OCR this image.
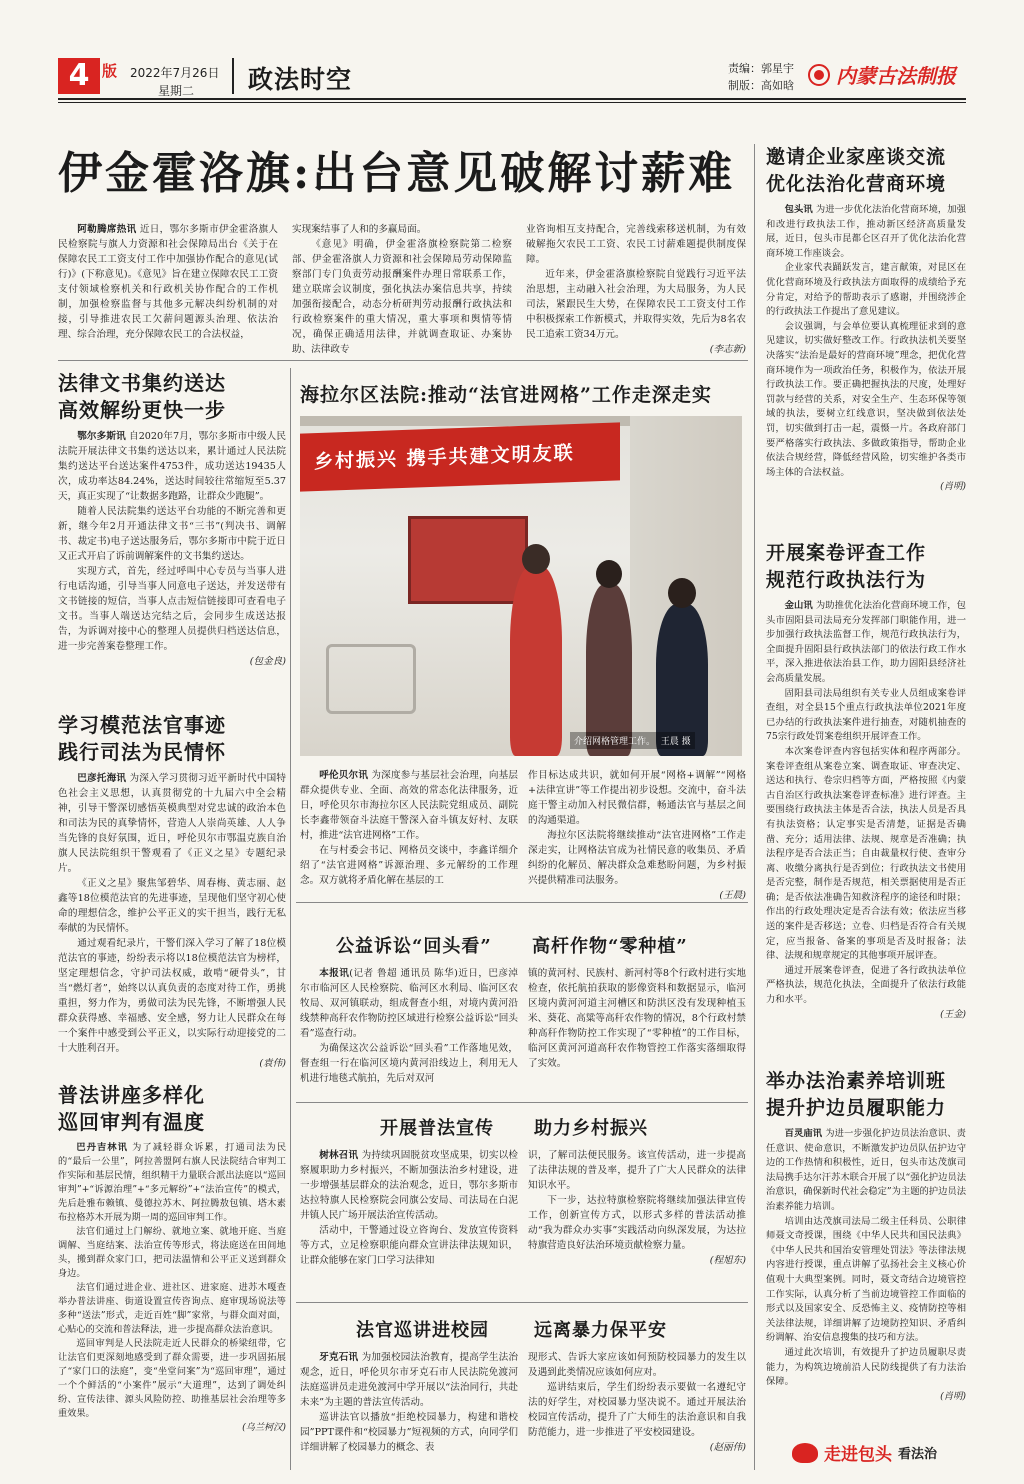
4 版	2022年7月26日
星期二 政法时空	责编：郭星宇
制版：高如晗 内蒙古法制报
伊金霍洛旗:出台意见破解讨薪难

阿勒腾席热讯 近日，鄂尔多斯市伊金霍洛旗人民检察院与旗人力资源和社会保障局出台《关于在保障农民工工资支付工作中加强协作配合的意见(试行)》(下称意见)。《意见》旨在建立保障农民工工资支付领域检察机关和行政机关协作配合的工作机制，加强检察监督与其他多元解决纠纷机制的对接，引导推进农民工欠薪问题源头治理、依法治理、综合治理，充分保障农民工的合法权益，

实现案结事了人和的多赢局面。

《意见》明确，伊金霍洛旗检察院第二检察部、伊金霍洛旗人力资源和社会保障局劳动保障监察部门专门负责劳动报酬案件办理日常联系工作，建立联席会议制度，强化执法办案信息共享，持续加强衔接配合，动态分析研判劳动报酬行政执法和行政检察案件的重大情况，重大事项和舆情等情况，确保正确适用法律，并就调查取证、办案协助、法律政专

业咨询相互支持配合，完善线索移送机制，为有效破解拖欠农民工工资、农民工讨薪难题提供制度保障。

近年来，伊金霍洛旗检察院自觉践行习近平法治思想，主动融入社会治理，为大局服务，为人民司法，紧跟民生大势，在保障农民工工资支付工作中积极探索工作新模式，并取得实效，先后为8名农民工追索工资34万元。

(李志新)
法律文书集约送达
高效解纷更快一步

鄂尔多斯讯 自2020年7月，鄂尔多斯市中级人民法院开展法律文书集约送达以来，累计通过人民法院集约送达平台送达案件4753件，成功送达19435人次，成功率达84.24%，送达时间较往常缩短至5.37天，真正实现了“让数据多跑路，让群众少跑腿”。

随着人民法院集约送达平台功能的不断完善和更新，继今年2月开通法律文书“三书”(判决书、调解书、裁定书)电子送达服务后，鄂尔多斯市中院于近日又正式开启了诉前调解案件的文书集约送达。

实现方式，首先，经过呼叫中心专员与当事人进行电话沟通，引导当事人同意电子送达，并发送带有文书链接的短信，当事人点击短信链接即可查看电子文书。当事人端送达完结之后，会同步生成送达报告，为诉调对接中心的整理人员提供归档送达信息，进一步完善案卷整理工作。

(包金良)
学习模范法官事迹
践行司法为民情怀

巴彦托海讯 为深入学习贯彻习近平新时代中国特色社会主义思想，认真贯彻党的十九届六中全会精神，引导干警深切感悟英模典型对党忠诚的政治本色和司法为民的真挚情怀，营造人人崇尚英雄、人人争当先锋的良好氛围，近日，呼伦贝尔市鄂温克族自治旗人民法院组织干警观看了《正义之星》专题纪录片。

《正义之星》聚焦邹碧华、周春梅、黄志丽、赵鑫等18位模范法官的先进事迹，呈现他们坚守初心使命的理想信念，维护公平正义的实干担当，践行无私奉献的为民情怀。

通过观看纪录片，干警们深入学习了解了18位模范法官的事迹，纷纷表示将以18位模范法官为榜样，坚定理想信念，守护司法权威，敢啃“硬骨头”，甘当“燃灯者”，始终以认真负责的态度对待工作，勇挑重担，努力作为，勇做司法为民先锋，不断增强人民群众获得感、幸福感、安全感，努力让人民群众在每一个案件中感受到公平正义，以实际行动迎接党的二十大胜利召开。

(袁伟)
普法讲座多样化
巡回审判有温度

巴丹吉林讯 为了减轻群众诉累，打通司法为民的“最后一公里”，阿拉善盟阿右旗人民法院结合审判工作实际和基层民情，组织精干力量联合派出法庭以“巡回审判”+“诉源治理”+“多元解纷”+“法治宣传”的模式，先后赴雅布赖镇、曼德拉苏木、阿拉腾敖包镇、塔木素布拉格苏木开展为期一周的巡回审判工作。

法官们通过上门解纷、就地立案、就地开庭、当庭调解、当庭结案、法治宣传等形式，将法庭送在田间地头，搬到群众家门口，把司法温情和公平正义送到群众身边。

法官们通过进企业、进社区、进家庭、进苏木嘎查举办普法讲座、街道设置宣传咨询点、庭审现场说法等多种“送法”形式，走近百姓“脚”家常，与群众面对面，心贴心的交流和普法释法，进一步提高群众法治意识。

巡回审判是人民法院走近人民群众的桥梁纽带，它让法官们更深刻地感受到了群众需要，进一步巩固拓展了“家门口的法庭”，变“坐堂问案”为“巡回审理”，通过一个个鲜活的“小案件”展示“大道理”，达到了调处纠纷、宣传法律、源头风险防控、助推基层社会治理等多重效果。

(乌兰柯汉)
海拉尔区法院:推动“法官进网格”工作走深走实
乡村振兴 携手共建文明友联
介绍网格管理工作。 王晨 摄

呼伦贝尔讯 为深度参与基层社会治理，向基层群众提供专业、全面、高效的常态化法律服务，近日，呼伦贝尔市海拉尔区人民法院党组成员、副院长李鑫带领奋斗法庭干警深入奋斗镇友好村、友联村，推进“法官进网格”工作。

在与村委会书记、网格员交谈中，李鑫详细介绍了“法官进网格”诉源治理、多元解纷的工作理念。双方就将矛盾化解在基层的工

作目标达成共识，就如何开展“网格+调解”“网格+法律宣讲”等工作提出初步设想。交流中，奋斗法庭干警主动加入村民微信群，畅通法官与基层之间的沟通渠道。

海拉尔区法院将继续推动“法官进网格”工作走深走实，让网格法官成为社情民意的收集员、矛盾纠纷的化解员、解决群众急难愁盼问题，为乡村振兴提供精准司法服务。

(王晨)
公益诉讼“回头看”	高杆作物“零种植”

本报讯(记者 鲁超 通讯员 陈华)近日，巴彦淖尔市临河区人民检察院、临河区水利局、临河区农牧局、双河镇联动，组成督查小组，对境内黄河沿线禁种高秆农作物防控区域进行检察公益诉讼“回头看”巡查行动。

为确保这次公益诉讼“回头看”工作落地见效，督查组一行在临河区境内黄河沿线边上，利用无人机进行地毯式航拍，先后对双河

镇的黄河村、民族村、新河村等8个行政村进行实地检查，依托航拍获取的影像资料和数据显示，临河区境内黄河河道主河槽区和防洪区没有发现种植玉米、葵花、高粱等高秆农作物的情况，8个行政村禁种高秆作物防控工作实现了“零种植”的工作目标，临河区黄河河道高秆农作物管控工作落实落细取得了实效。

开展普法宣传	助力乡村振兴

树林召讯 为持续巩固脱贫攻坚成果，切实以检察履职助力乡村振兴，不断加强法治乡村建设，进一步增强基层群众的法治观念，近日，鄂尔多斯市达拉特旗人民检察院会同旗公安局、司法局在白泥井镇人民广场开展法治宣传活动。

活动中，干警通过设立咨询台、发放宣传资料等方式，立足检察职能向群众宣讲法律法规知识，让群众能够在家门口学习法律知

识，了解司法便民服务。该宣传活动，进一步提高了法律法规的普及率，提升了广大人民群众的法律知识水平。

下一步，达拉特旗检察院将继续加强法律宣传工作，创新宣传方式，以形式多样的普法活动推动“我为群众办实事”实践活动向纵深发展，为达拉特旗营造良好法治环境贡献检察力量。

(程旭东)
法官巡讲进校园	远离暴力保平安

牙克石讯 为加强校园法治教育，提高学生法治观念，近日，呼伦贝尔市牙克石市人民法院免渡河法庭巡讲员走进免渡河中学开展以“法治同行，共赴未来”为主题的普法宣传活动。

巡讲法官以播放“拒绝校园暴力，构建和谐校园”PPT课件和“校园暴力”短视频的方式，向同学们详细讲解了校园暴力的概念、表

现形式、告诉大家应该如何预防校园暴力的发生以及遇到此类情况应该如何应对。

巡讲结束后，学生们纷纷表示要做一名遵纪守法的好学生，对校园暴力坚决说不。通过开展法治校园宣传活动，提升了广大师生的法治意识和自我防范能力，进一步推进了平安校园建设。

(赵丽伟)
邀请企业家座谈交流
优化法治化营商环境

包头讯 为进一步优化法治化营商环境，加强和改进行政执法工作，推动新区经济高质量发展，近日，包头市昆都仑区召开了优化法治化营商环境工作座谈会。

企业家代表踊跃发言，建言献策，对昆区在优化营商环境及行政执法方面取得的成绩给予充分肯定，对给予的帮助表示了感谢，并围绕涉企的行政执法工作提出了意见建议。

会议强调，与会单位要认真梳理征求到的意见建议，切实做好整改工作。行政执法机关要坚决落实“法治是最好的营商环境”理念，把优化营商环境作为一项政治任务，积极作为，依法开展行政执法工作。要正确把握执法的尺度，处理好罚款与经营的关系，对安全生产、生态环保等领域的执法，要树立红线意识，坚决做到依法处罚，切实做到打击一起，震慑一片。各政府部门要严格落实行政执法、多做政策指导，帮助企业依法合规经营，降低经营风险，切实维护各类市场主体的合法权益。

(肖明)
开展案卷评查工作
规范行政执法行为

金山讯 为助推优化法治化营商环境工作，包头市固阳县司法局充分发挥部门职能作用，进一步加强行政执法监督工作，规范行政执法行为，全面提升固阳县行政执法部门的依法行政工作水平，深入推进依法治县工作，助力固阳县经济社会高质量发展。

固阳县司法局组织有关专业人员组成案卷评查组，对全县15个重点行政执法单位2021年度已办结的行政执法案件进行抽查，对随机抽查的75宗行政处罚案卷组织开展评查工作。

本次案卷评查内容包括实体和程序两部分。案卷评查组从案卷立案、调查取证、审查决定、送达和执行、卷宗归档等方面，严格按照《内蒙古自治区行政执法案卷评查标准》进行评查。主要围绕行政执法主体是否合法，执法人员是否具有执法资格；认定事实是否清楚，证据是否确凿、充分；适用法律、法规、规章是否准确；执法程序是否合法正当；自由裁量权行使、查审分离、收缴分离执行是否到位；行政执法文书使用是否完整，制作是否规范，相关票据使用是否正确；是否依法准确告知救济程序的途径和时限；作出的行政处理决定是否合法有效；依法应当移送的案件是否移送；立卷、归档是否符合有关规定，应当报备、备案的事项是否及时报备；法律、法规和规章规定的其他事项开展评查。

通过开展案卷评查，促进了各行政执法单位严格执法，规范化执法，全面提升了依法行政能力和水平。

(王金)
举办法治素养培训班
提升护边员履职能力

百灵庙讯 为进一步强化护边员法治意识、责任意识、使命意识，不断激发护边员队伍护边守边的工作热情和积极性，近日，包头市达茂旗司法局携手达尔汗苏木联合开展了以“强化护边员法治意识，确保新时代社会稳定”为主题的护边员法治素养能力培训。

培训由达茂旗司法局二级主任科员、公职律师聂文奇授课，围绕《中华人民共和国民法典》《中华人民共和国治安管理处罚法》等法律法规内容进行授课，重点讲解了弘扬社会主义核心价值观十大典型案例。同时，聂文奇结合边境管控工作实际，认真分析了当前边境管控工作面临的形式以及国家安全、反恐怖主义、疫情防控等相关法律法规，详细讲解了边境防控知识、矛盾纠纷调解、治安信息搜集的技巧和方法。

通过此次培训，有效提升了护边员履职尽责能力，为构筑边境前沿人民防线提供了有力法治保障。

(肖明)
走进包头 看法治
